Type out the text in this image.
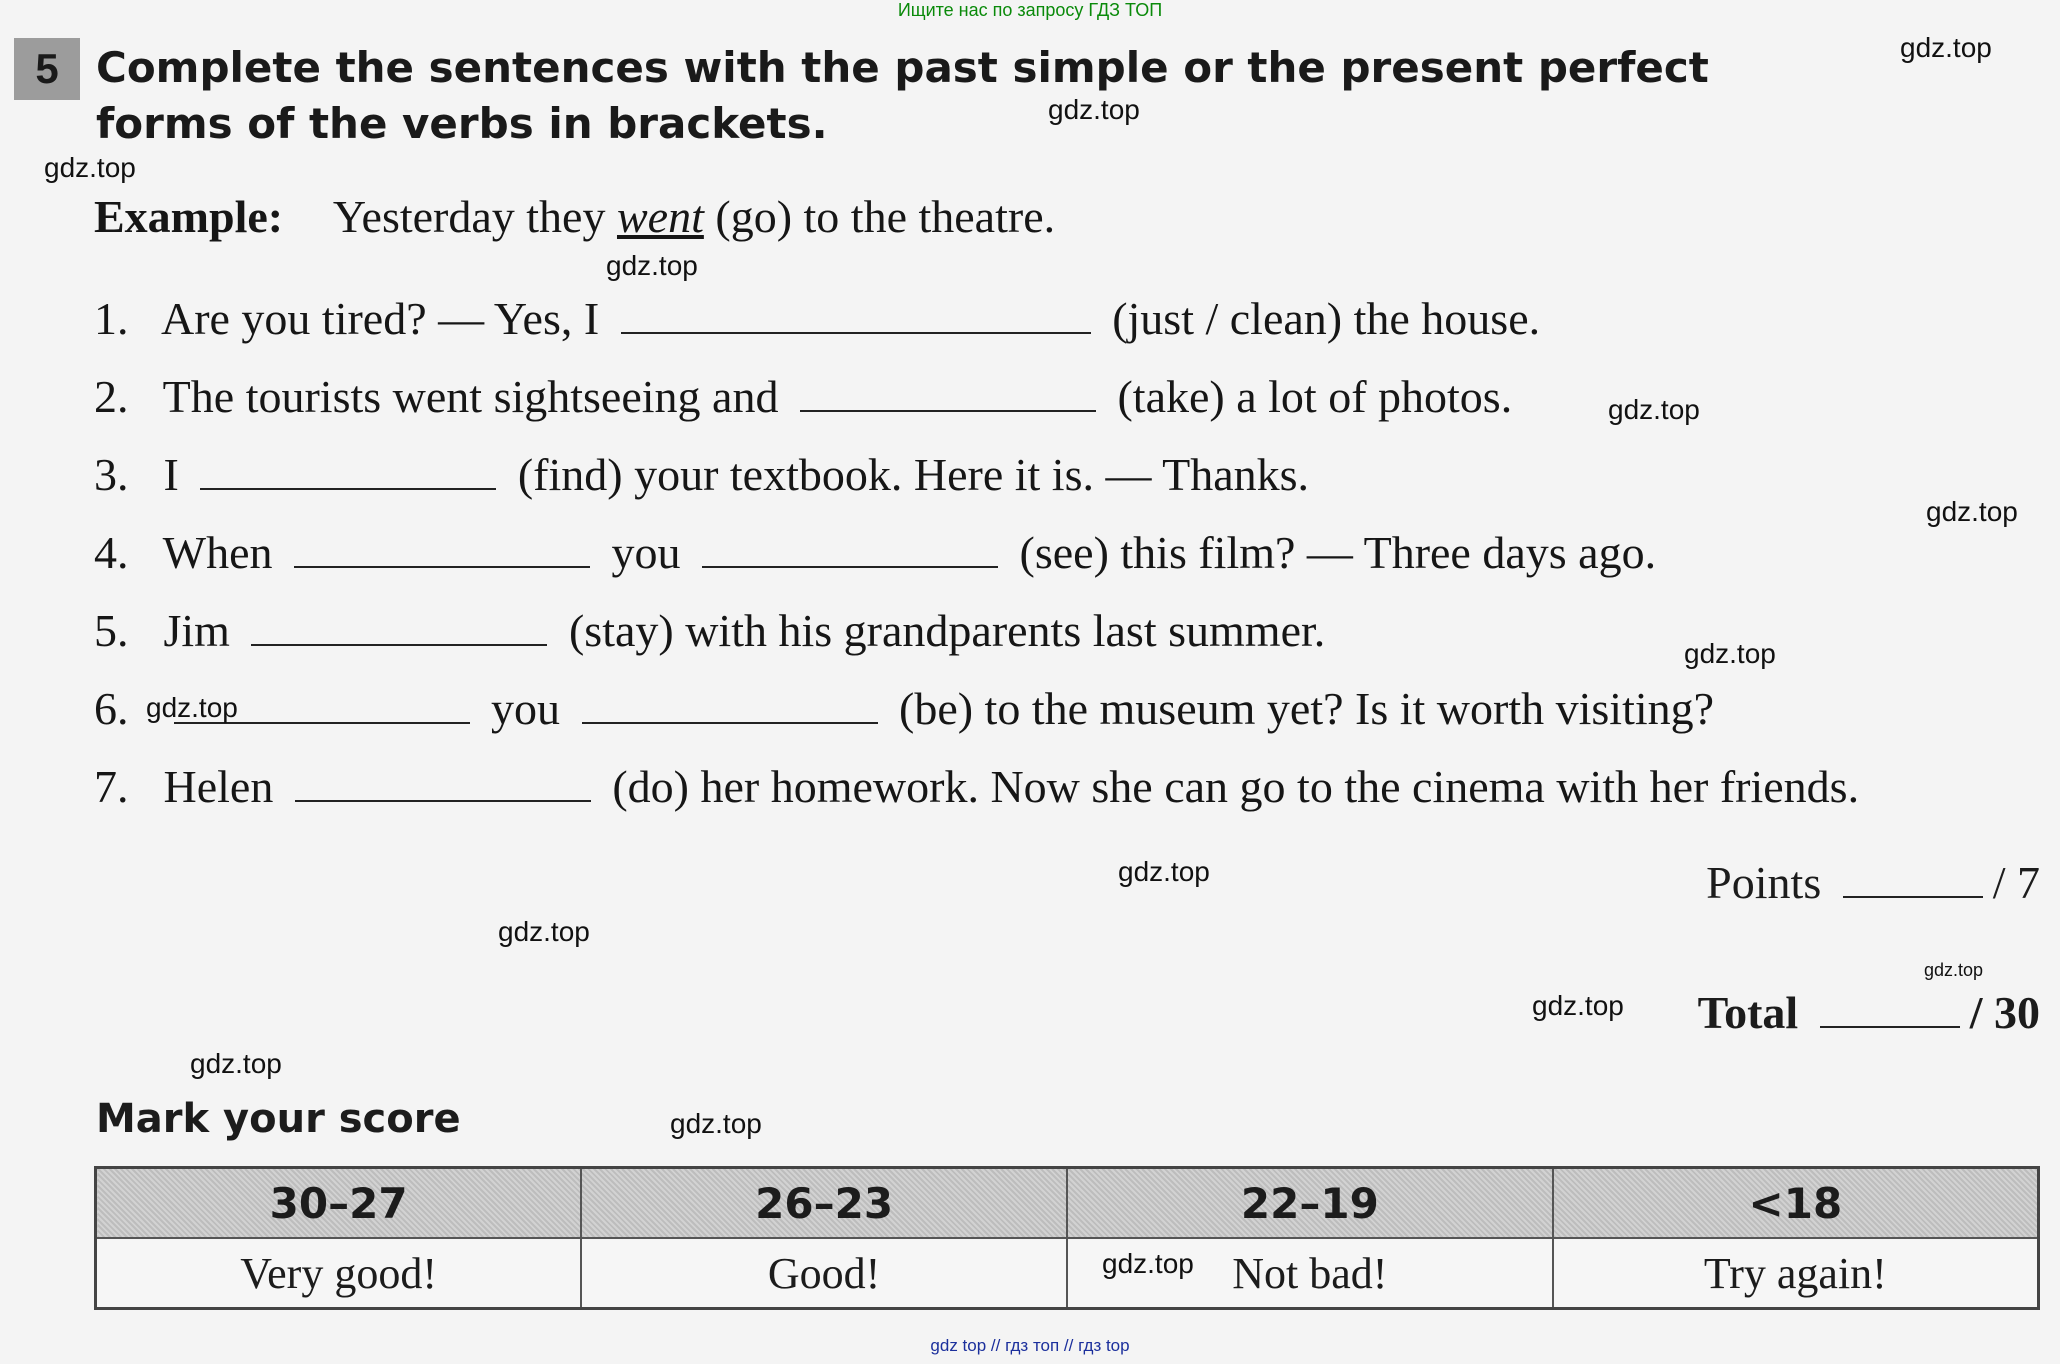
Ищите нас по запросу ГДЗ ТОП
5 Complete the sentences with the past simple or the present perfect forms of the verbs in brackets.
Example: Yesterday they went (go) to the theatre.
1. Are you tired? — Yes, I	(just / clean) the house.
2. The tourists went sightseeing and	(take) a lot of photos.
3. I	(find) your textbook. Here it is. — Thanks.
4. When	you	(see) this film? — Three days ago.
5. Jim	(stay) with his grandparents last summer.
6.	you	(be) to the museum yet? Is it worth visiting?
7. Helen	(do) her homework. Now she can go to the cinema with her friends.
Points	/ 7
Total	/ 30
Mark your score
30–27	26–23	22–19	<18
Very good!	Good!	Not bad!	Try again!
gdz.top
gdz.top
gdz.top
gdz.top
gdz.top
gdz.top
gdz.top
gdz.top
gdz.top
gdz.top
gdz.top
gdz.top
gdz.top
gdz.top
gdz.top
gdz top // гдз топ // гдз top
